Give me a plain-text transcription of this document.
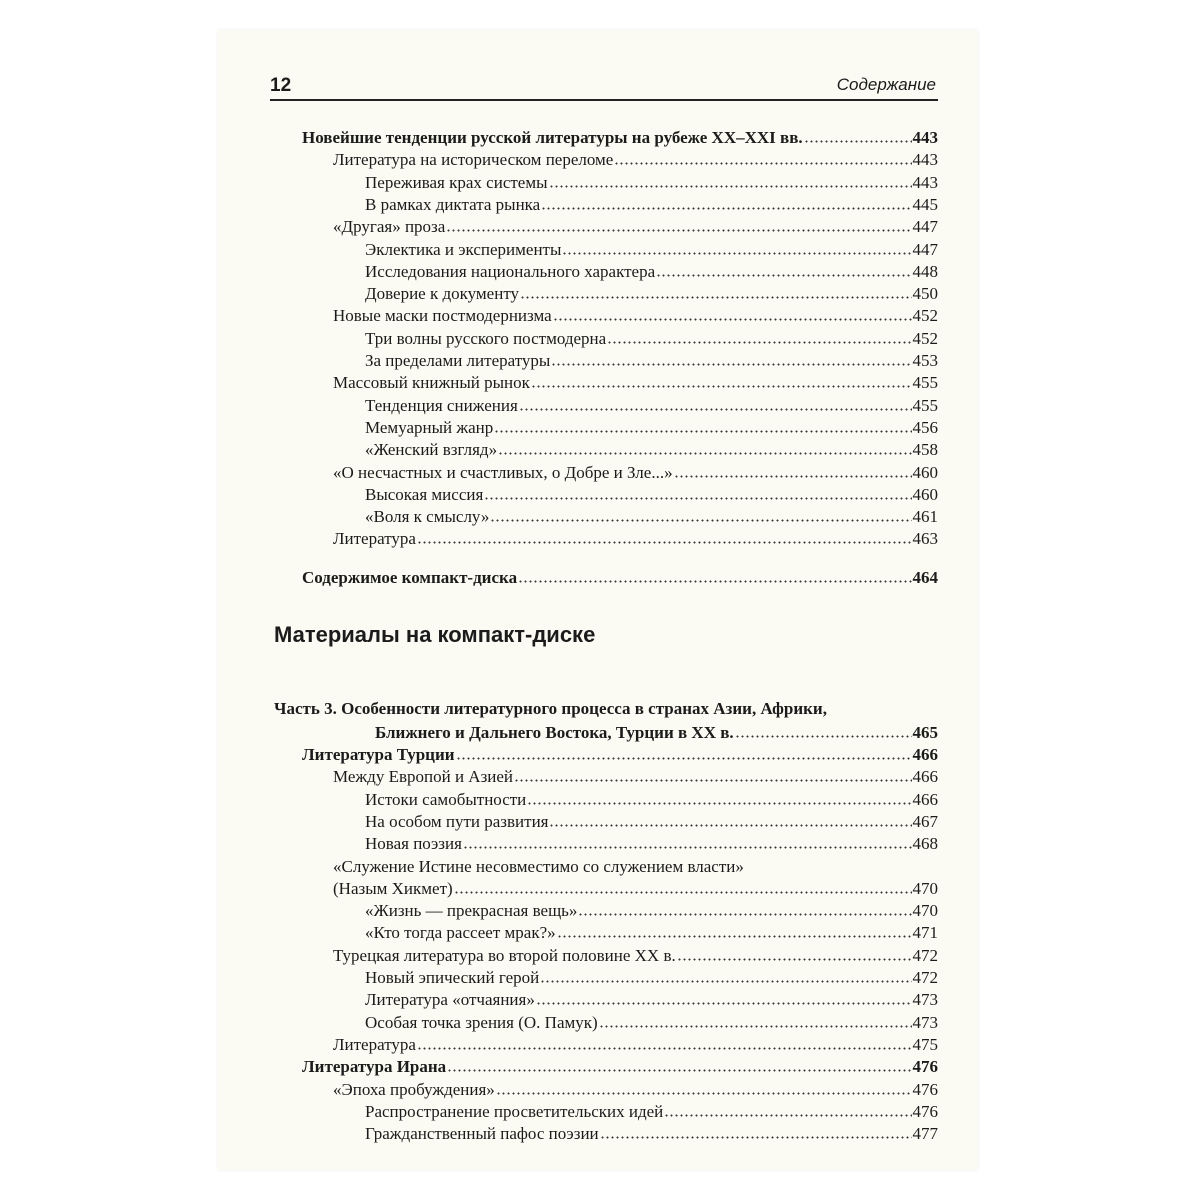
12	Содержание
Новейшие тенденции русской литературы на рубеже XX–XXI вв.	443
Литература на историческом переломе	443
Переживая крах системы	443
В рамках диктата рынка	445
«Другая» проза	447
Эклектика и эксперименты	447
Исследования национального характера	448
Доверие к документу	450
Новые маски постмодернизма	452
Три волны русского постмодерна	452
За пределами литературы	453
Массовый книжный рынок	455
Тенденция снижения	455
Мемуарный жанр	456
«Женский взгляд»	458
«О несчастных и счастливых, о Добре и Зле...»	460
Высокая миссия	460
«Воля к смыслу»	461
Литература	463
Содержимое компакт-диска	464
Материалы на компакт-диске
Часть 3. Особенности литературного процесса в странах Азии, Африки,
Ближнего и Дальнего Востока, Турции в XX в.	465
Литература Турции	466
Между Европой и Азией	466
Истоки самобытности	466
На особом пути развития	467
Новая поэзия	468
«Служение Истине несовместимо со служением власти»
(Назым Хикмет)	470
«Жизнь — прекрасная вещь»	470
«Кто тогда рассеет мрак?»	471
Турецкая литература во второй половине XX в.	472
Новый эпический герой	472
Литература «отчаяния»	473
Особая точка зрения (О. Памук)	473
Литература	475
Литература Ирана	476
«Эпоха пробуждения»	476
Распространение просветительских идей	476
Гражданственный пафос поэзии	477
